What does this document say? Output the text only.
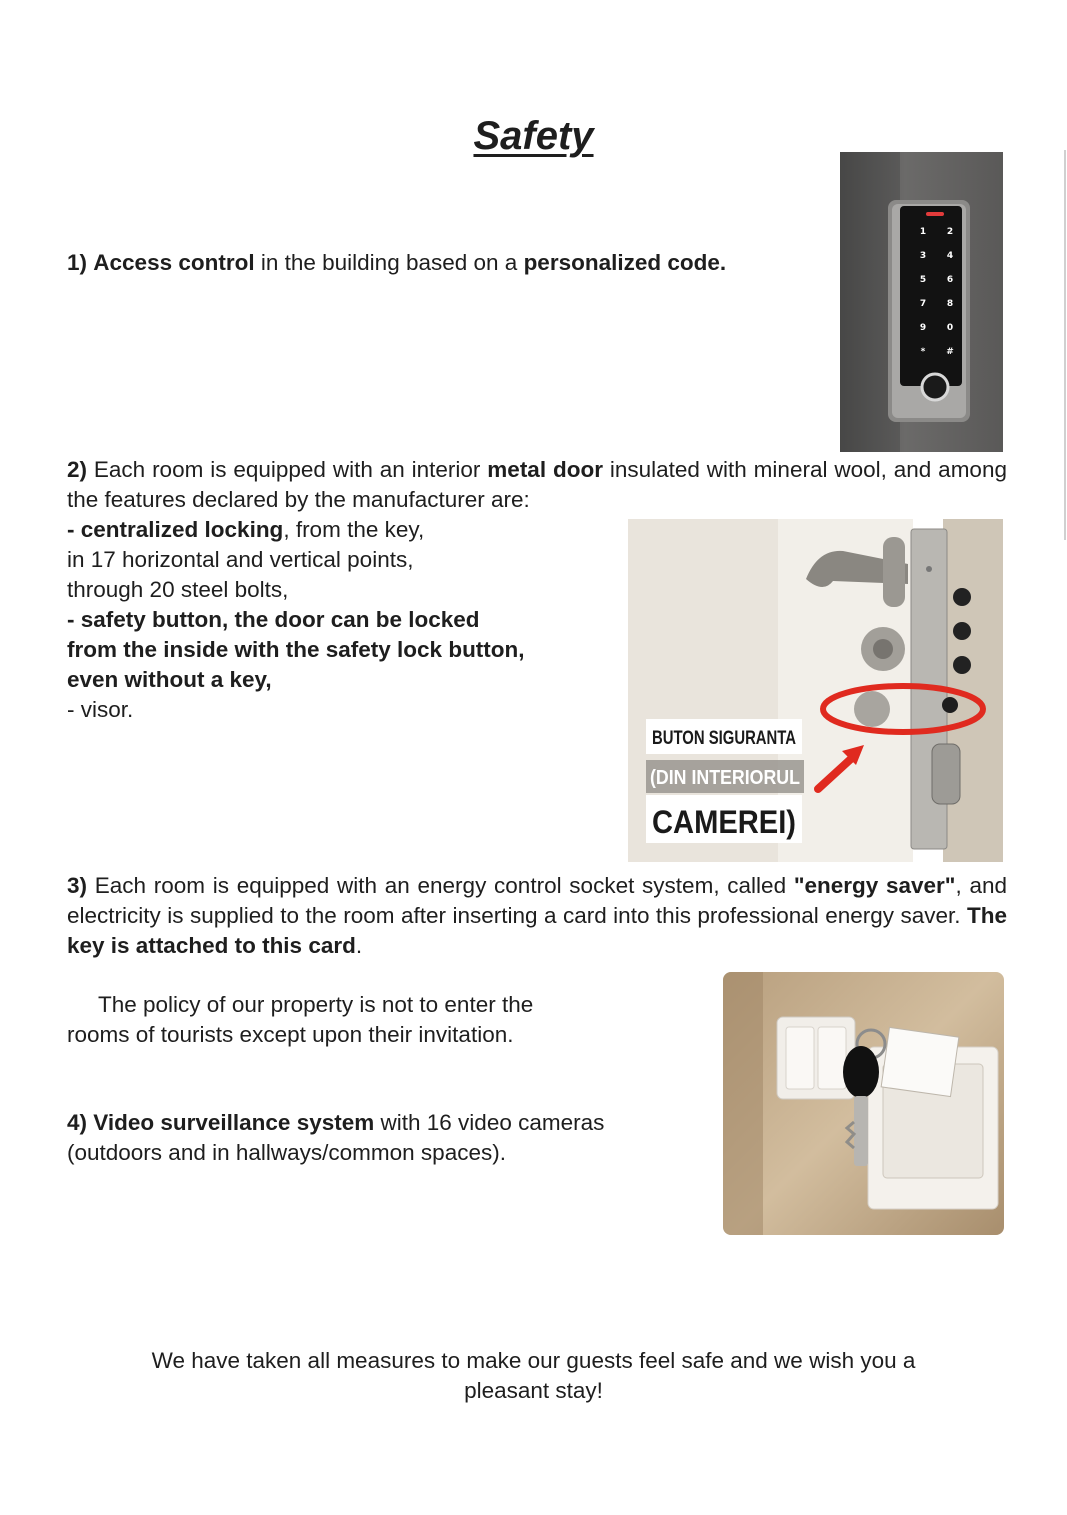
Safety
1) Access control in the building based on a personalized code.
1 2
3 4
5 6
7 8
9 0
* #
2) Each room is equipped with an interior metal door insulated with mineral wool, and among the features declared by the manufacturer are:
- centralized locking, from the key,
in 17 horizontal and vertical points,
through 20 steel bolts,
- safety button, the door can be locked
from the inside with the safety lock button,
even without a key,
- visor.
BUTON SIGURANTA
(DIN INTERIORUL
CAMEREI)
3) Each room is equipped with an energy control socket system, called "energy saver", and electricity is supplied to the room after inserting a card into this professional energy saver. The key is attached to this card.
The policy of our property is not to enter the
rooms of tourists except upon their invitation.
4) Video surveillance system with 16 video cameras
(outdoors and in hallways/common spaces).
We have taken all measures to make our guests feel safe and we wish you a
pleasant stay!
